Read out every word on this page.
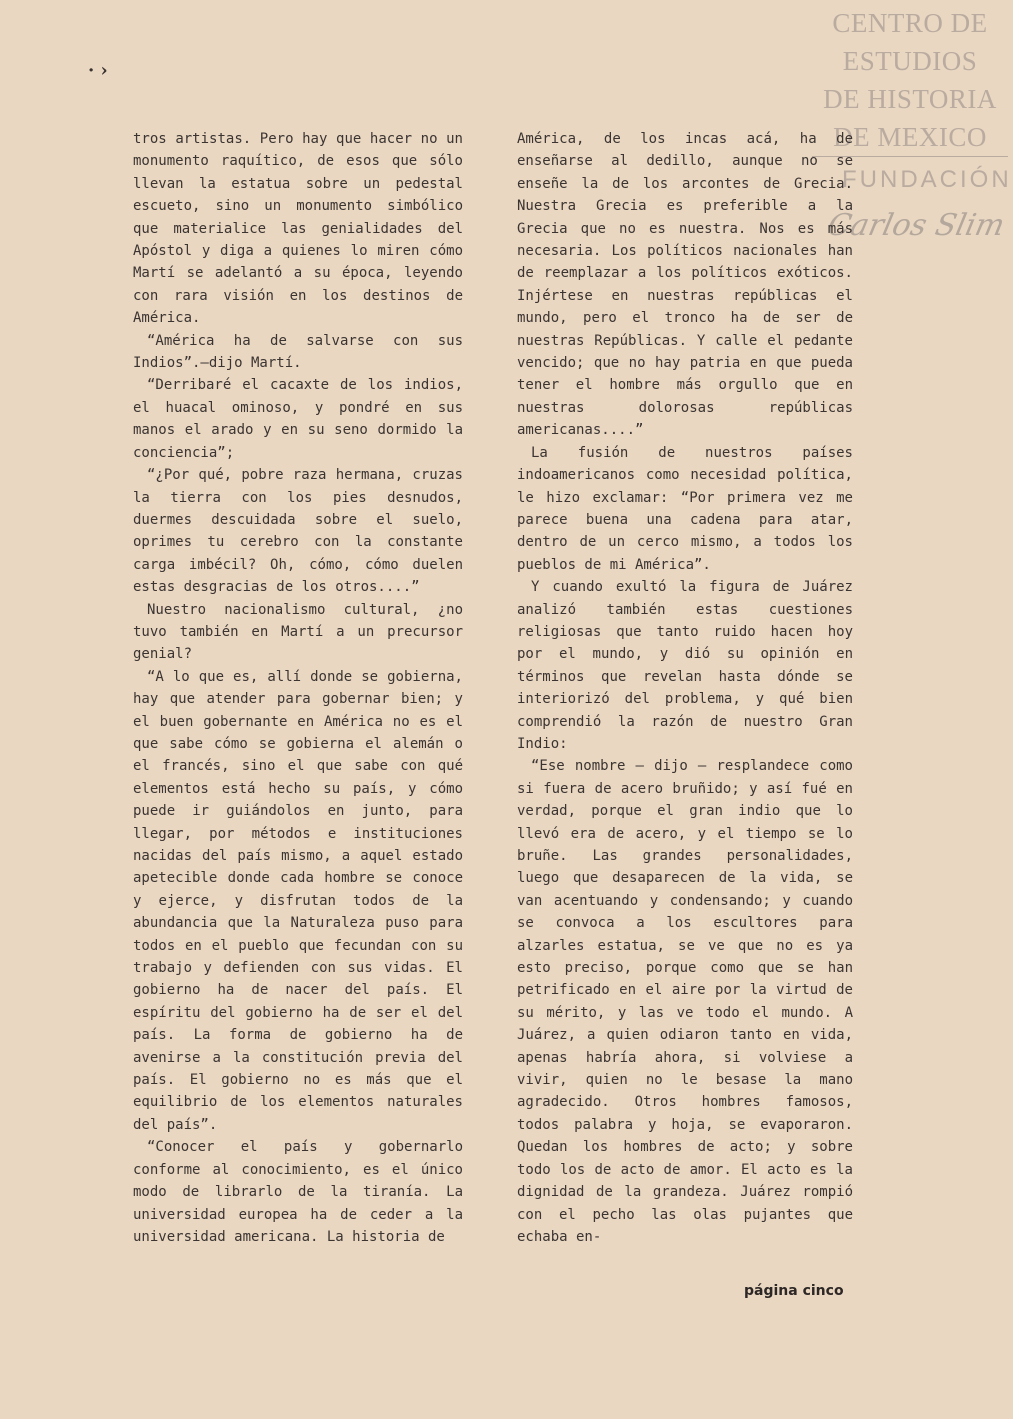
CENTRO DE
ESTUDIOS
DE HISTORIA
DE MEXICO
FUNDACIÓN
Carlos Slim
· ›

tros artistas. Pero hay que hacer no un monumento raquítico, de esos que sólo llevan la estatua sobre un pedestal escueto, sino un monumento simbólico que materialice las genialidades del Apóstol y diga a quienes lo miren cómo Martí se adelantó a su época, leyendo con rara visión en los destinos de América.

“América ha de salvarse con sus Indios”.—dijo Martí.

“Derribaré el cacaxte de los indios, el huacal ominoso, y pondré en sus manos el arado y en su seno dormido la conciencia”;

“¿Por qué, pobre raza hermana, cruzas la tierra con los pies desnudos, duermes descuidada sobre el suelo, oprimes tu cerebro con la constante carga imbécil? Oh, cómo, cómo duelen estas desgracias de los otros....”

Nuestro nacionalismo cultural, ¿no tuvo también en Martí a un precursor genial?

“A lo que es, allí donde se gobierna, hay que atender para gobernar bien; y el buen gobernante en América no es el que sabe cómo se gobierna el alemán o el francés, sino el que sabe con qué elementos está hecho su país, y cómo puede ir guiándolos en junto, para llegar, por métodos e instituciones nacidas del país mismo, a aquel estado apetecible donde cada hombre se conoce y ejerce, y disfrutan todos de la abundancia que la Naturaleza puso para todos en el pueblo que fecundan con su trabajo y defienden con sus vidas. El gobierno ha de nacer del país. El espíritu del gobierno ha de ser el del país. La forma de gobierno ha de avenirse a la constitución previa del país. El gobierno no es más que el equilibrio de los elementos naturales del país”.

“Conocer el país y gobernarlo conforme al conocimiento, es el único modo de librarlo de la tiranía. La universidad europea ha de ceder a la universidad americana. La historia de

América, de los incas acá, ha de enseñarse al dedillo, aunque no se enseñe la de los arcontes de Grecia. Nuestra Grecia es preferible a la Grecia que no es nuestra. Nos es más necesaria. Los políticos nacionales han de reemplazar a los políticos exóticos. Injértese en nuestras repúblicas el mundo, pero el tronco ha de ser de nuestras Repúblicas. Y calle el pedante vencido; que no hay patria en que pueda tener el hombre más orgullo que en nuestras dolorosas repúblicas americanas....”

La fusión de nuestros países indoamericanos como necesidad política, le hizo exclamar: “Por primera vez me parece buena una cadena para atar, dentro de un cerco mismo, a todos los pueblos de mi América”.

Y cuando exultó la figura de Juárez analizó también estas cuestiones religiosas que tanto ruido hacen hoy por el mundo, y dió su opinión en términos que revelan hasta dónde se interiorizó del problema, y qué bien comprendió la razón de nuestro Gran Indio:

“Ese nombre — dijo — resplandece como si fuera de acero bruñido; y así fué en verdad, porque el gran indio que lo llevó era de acero, y el tiempo se lo bruñe. Las grandes personalidades, luego que desaparecen de la vida, se van acentuando y condensando; y cuando se convoca a los escultores para alzarles estatua, se ve que no es ya esto preciso, porque como que se han petrificado en el aire por la virtud de su mérito, y las ve todo el mundo. A Juárez, a quien odiaron tanto en vida, apenas habría ahora, si volviese a vivir, quien no le besase la mano agradecido. Otros hombres famosos, todos palabra y hoja, se evaporaron. Quedan los hombres de acto; y sobre todo los de acto de amor. El acto es la dignidad de la grandeza. Juárez rompió con el pecho las olas pujantes que echaba en-

página cinco
